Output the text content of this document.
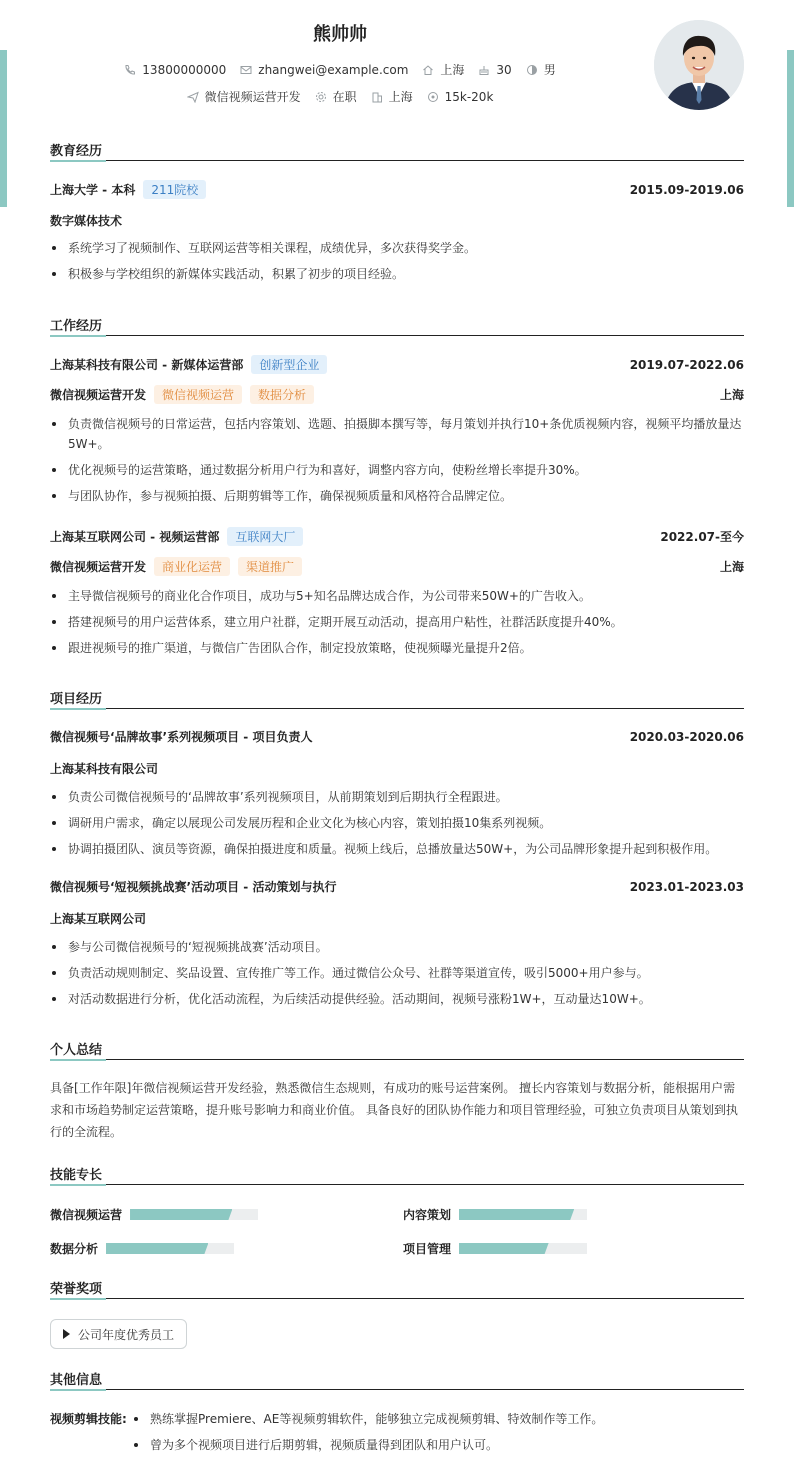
熊帅帅
13800000000	zhangwei@example.com	上海	30	男
微信视频运营开发	在职	上海	15k-20k
教育经历
上海大学 - 本科	211院校	2015.09-2019.06
数字媒体技术
系统学习了视频制作、互联网运营等相关课程，成绩优异，多次获得奖学金。
积极参与学校组织的新媒体实践活动，积累了初步的项目经验。
工作经历
上海某科技有限公司 - 新媒体运营部	创新型企业	2019.07-2022.06
微信视频运营开发	微信视频运营	数据分析	上海
负责微信视频号的日常运营，包括内容策划、选题、拍摄脚本撰写等，每月策划并执行10+条优质视频内容，视频平均播放量达5W+。
优化视频号的运营策略，通过数据分析用户行为和喜好，调整内容方向，使粉丝增长率提升30%。
与团队协作，参与视频拍摄、后期剪辑等工作，确保视频质量和风格符合品牌定位。
上海某互联网公司 - 视频运营部	互联网大厂	2022.07-至今
微信视频运营开发	商业化运营	渠道推广	上海
主导微信视频号的商业化合作项目，成功与5+知名品牌达成合作，为公司带来50W+的广告收入。
搭建视频号的用户运营体系，建立用户社群，定期开展互动活动，提高用户粘性，社群活跃度提升40%。
跟进视频号的推广渠道，与微信广告团队合作，制定投放策略，使视频曝光量提升2倍。
项目经历
微信视频号‘品牌故事’系列视频项目 - 项目负责人	2020.03-2020.06
上海某科技有限公司
负责公司微信视频号的‘品牌故事’系列视频项目，从前期策划到后期执行全程跟进。
调研用户需求，确定以展现公司发展历程和企业文化为核心内容，策划拍摄10集系列视频。
协调拍摄团队、演员等资源，确保拍摄进度和质量。视频上线后，总播放量达50W+，为公司品牌形象提升起到积极作用。
微信视频号‘短视频挑战赛’活动项目 - 活动策划与执行	2023.01-2023.03
上海某互联网公司
参与公司微信视频号的‘短视频挑战赛’活动项目。
负责活动规则制定、奖品设置、宣传推广等工作。通过微信公众号、社群等渠道宣传，吸引5000+用户参与。
对活动数据进行分析，优化活动流程，为后续活动提供经验。活动期间，视频号涨粉1W+，互动量达10W+。
个人总结
具备[工作年限]年微信视频运营开发经验，熟悉微信生态规则，有成功的账号运营案例。 擅长内容策划与数据分析，能根据用户需求和市场趋势制定运营策略，提升账号影响力和商业价值。 具备良好的团队协作能力和项目管理经验，可独立负责项目从策划到执行的全流程。
技能专长
微信视频运营	内容策划
数据分析	项目管理
荣誉奖项
公司年度优秀员工
其他信息
视频剪辑技能:	熟练掌握Premiere、AE等视频剪辑软件，能够独立完成视频剪辑、特效制作等工作。
曾为多个视频项目进行后期剪辑，视频质量得到团队和用户认可。
